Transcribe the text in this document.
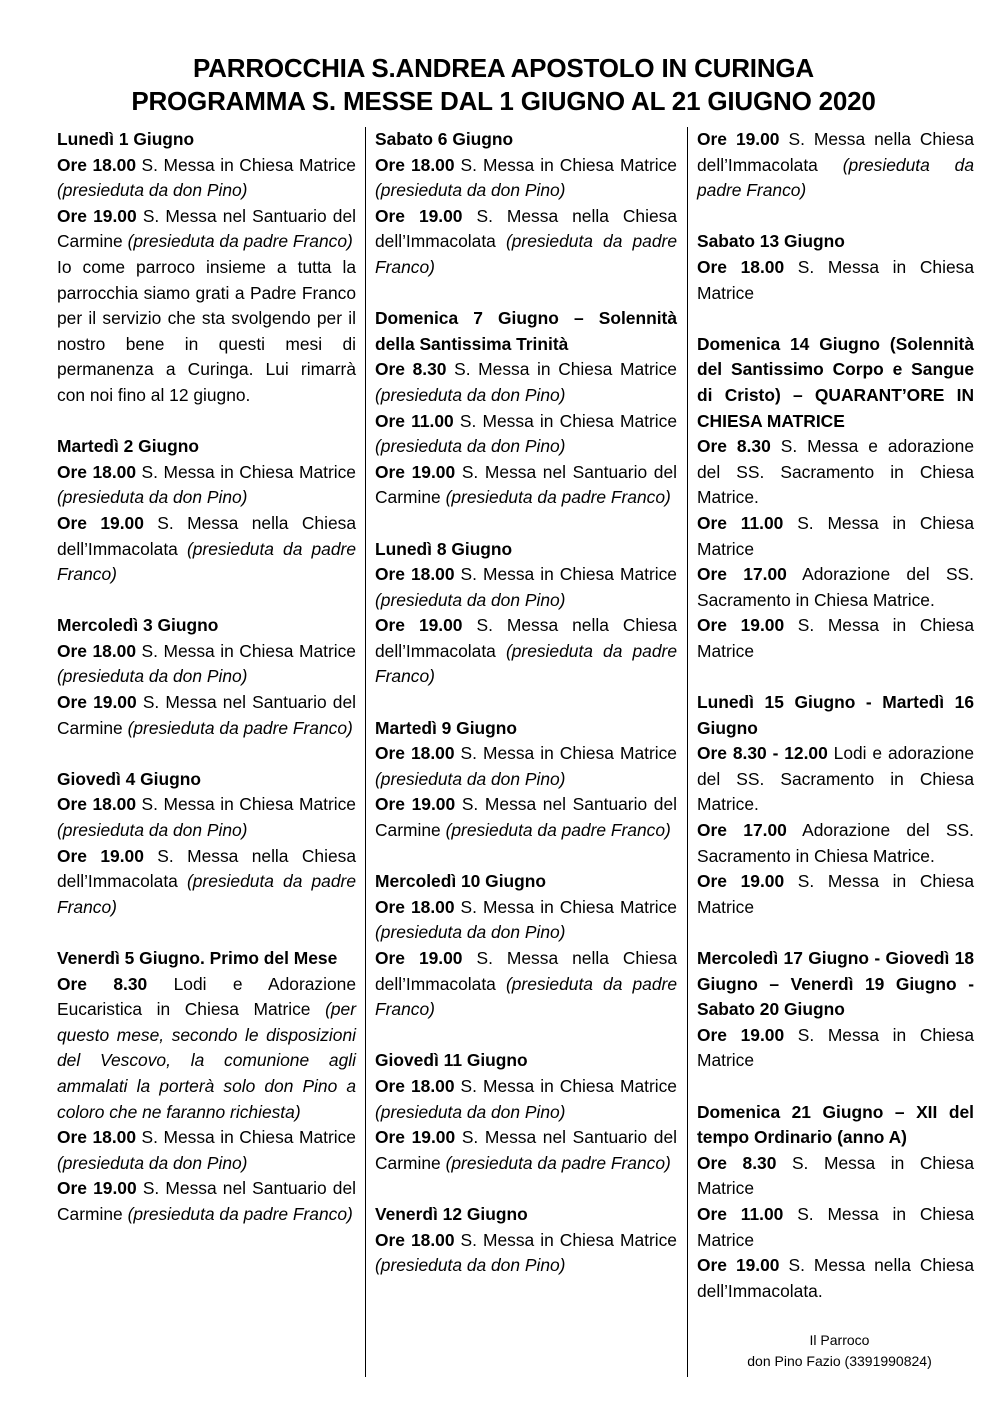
PARROCCHIA S.ANDREA APOSTOLO IN CURINGA
PROGRAMMA S. MESSE DAL 1 GIUGNO AL 21 GIUGNO 2020
Lunedì 1 Giugno
Ore 18.00 S. Messa in Chiesa Matrice (presieduta da don Pino)
Ore 19.00 S. Messa nel Santuario del Carmine (presieduta da padre Franco)
Io come parroco insieme a tutta la parrocchia siamo grati a Padre Franco per il servizio che sta svolgendo per il nostro bene in questi mesi di permanenza a Curinga. Lui rimarrà con noi fino al 12 giugno.
Martedì 2 Giugno
Ore 18.00 S. Messa in Chiesa Matrice (presieduta da don Pino)
Ore 19.00 S. Messa nella Chiesa dell’Immacolata (presieduta da padre Franco)
Mercoledì 3 Giugno
Ore 18.00 S. Messa in Chiesa Matrice (presieduta da don Pino)
Ore 19.00 S. Messa nel Santuario del Carmine (presieduta da padre Franco)
Giovedì 4 Giugno
Ore 18.00 S. Messa in Chiesa Matrice (presieduta da don Pino)
Ore 19.00 S. Messa nella Chiesa dell’Immacolata (presieduta da padre Franco)
Venerdì 5 Giugno. Primo del Mese
Ore 8.30 Lodi e Adorazione Eucaristica in Chiesa Matrice (per questo mese, secondo le disposizioni del Vescovo, la comunione agli ammalati la porterà solo don Pino a coloro che ne faranno richiesta)
Ore 18.00 S. Messa in Chiesa Matrice (presieduta da don Pino)
Ore 19.00 S. Messa nel Santuario del Carmine (presieduta da padre Franco)
Sabato 6 Giugno
Ore 18.00 S. Messa in Chiesa Matrice (presieduta da don Pino)
Ore 19.00 S. Messa nella Chiesa dell’Immacolata (presieduta da padre Franco)
Domenica 7 Giugno – Solennità della Santissima Trinità
Ore 8.30 S. Messa in Chiesa Matrice (presieduta da don Pino)
Ore 11.00 S. Messa in Chiesa Matrice (presieduta da don Pino)
Ore 19.00 S. Messa nel Santuario del Carmine (presieduta da padre Franco)
Lunedì 8 Giugno
Ore 18.00 S. Messa in Chiesa Matrice (presieduta da don Pino)
Ore 19.00 S. Messa nella Chiesa dell’Immacolata (presieduta da padre Franco)
Martedì 9 Giugno
Ore 18.00 S. Messa in Chiesa Matrice (presieduta da don Pino)
Ore 19.00 S. Messa nel Santuario del Carmine (presieduta da padre Franco)
Mercoledì 10 Giugno
Ore 18.00 S. Messa in Chiesa Matrice (presieduta da don Pino)
Ore 19.00 S. Messa nella Chiesa dell’Immacolata (presieduta da padre Franco)
Giovedì 11 Giugno
Ore 18.00 S. Messa in Chiesa Matrice (presieduta da don Pino)
Ore 19.00 S. Messa nel Santuario del Carmine (presieduta da padre Franco)
Venerdì 12 Giugno
Ore 18.00 S. Messa in Chiesa Matrice (presieduta da don Pino)
Ore 19.00 S. Messa nella Chiesa dell’Immacolata (presieduta da padre Franco)
Sabato 13 Giugno
Ore 18.00 S. Messa in Chiesa Matrice
Domenica 14 Giugno (Solennità del Santissimo Corpo e Sangue di Cristo) – QUARANT’ORE IN CHIESA MATRICE
Ore 8.30 S. Messa e adorazione del SS. Sacramento in Chiesa Matrice.
Ore 11.00 S. Messa in Chiesa Matrice
Ore 17.00 Adorazione del SS. Sacramento in Chiesa Matrice.
Ore 19.00 S. Messa in Chiesa Matrice
Lunedì 15 Giugno - Martedì 16 Giugno
Ore 8.30 - 12.00 Lodi e adorazione del SS. Sacramento in Chiesa Matrice.
Ore 17.00 Adorazione del SS. Sacramento in Chiesa Matrice.
Ore 19.00 S. Messa in Chiesa Matrice
Mercoledì 17 Giugno - Giovedì 18 Giugno – Venerdì 19 Giugno - Sabato 20 Giugno
Ore 19.00 S. Messa in Chiesa Matrice
Domenica 21 Giugno – XII del tempo Ordinario (anno A)
Ore 8.30 S. Messa in Chiesa Matrice
Ore 11.00 S. Messa in Chiesa Matrice
Ore 19.00 S. Messa nella Chiesa dell’Immacolata.
Il Parroco
don Pino Fazio (3391990824)
